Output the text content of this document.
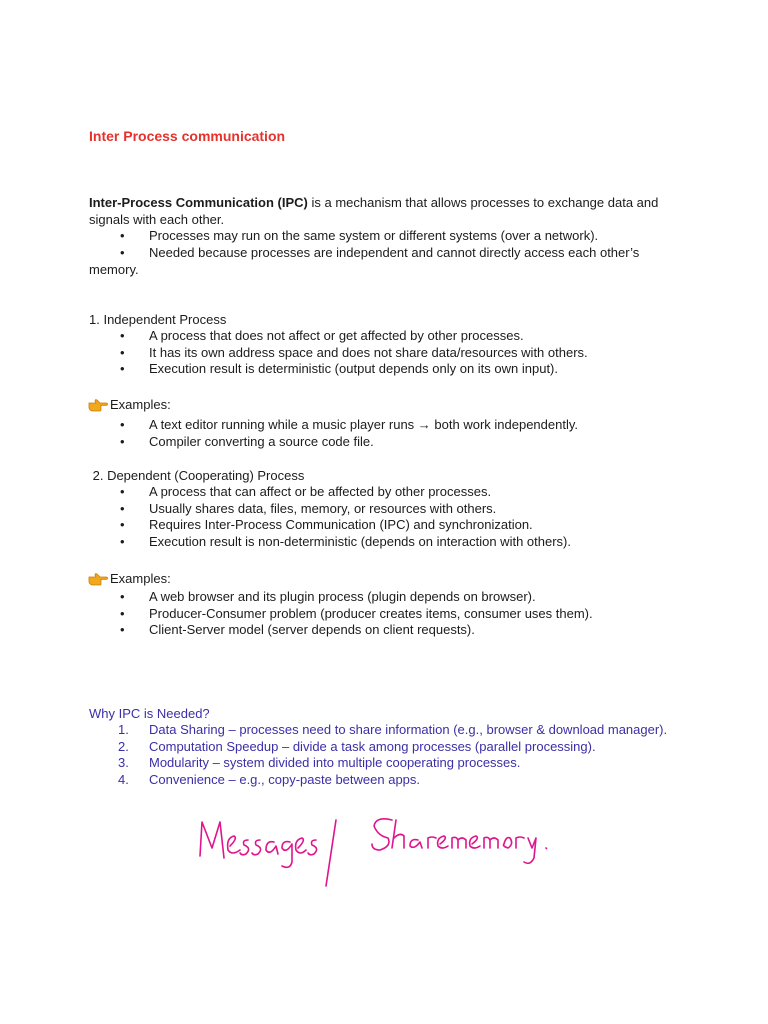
Inter Process communication
Inter-Process Communication (IPC) is a mechanism that allows processes to exchange data and signals with each other.
• Processes may run on the same system or different systems (over a network).
• Needed because processes are independent and cannot directly access each other’s
memory.
1. Independent Process
• A process that does not affect or get affected by other processes.
• It has its own address space and does not share data/resources with others.
• Execution result is deterministic (output depends only on its own input).
Examples:
• A text editor running while a music player runs → both work independently.
• Compiler converting a source code file.
2. Dependent (Cooperating) Process
• A process that can affect or be affected by other processes.
• Usually shares data, files, memory, or resources with others.
• Requires Inter-Process Communication (IPC) and synchronization.
• Execution result is non-deterministic (depends on interaction with others).
Examples:
• A web browser and its plugin process (plugin depends on browser).
• Producer-Consumer problem (producer creates items, consumer uses them).
• Client-Server model (server depends on client requests).
Why IPC is Needed?
1. Data Sharing – processes need to share information (e.g., browser & download manager).
2. Computation Speedup – divide a task among processes (parallel processing).
3. Modularity – system divided into multiple cooperating processes.
4. Convenience – e.g., copy-paste between apps.
